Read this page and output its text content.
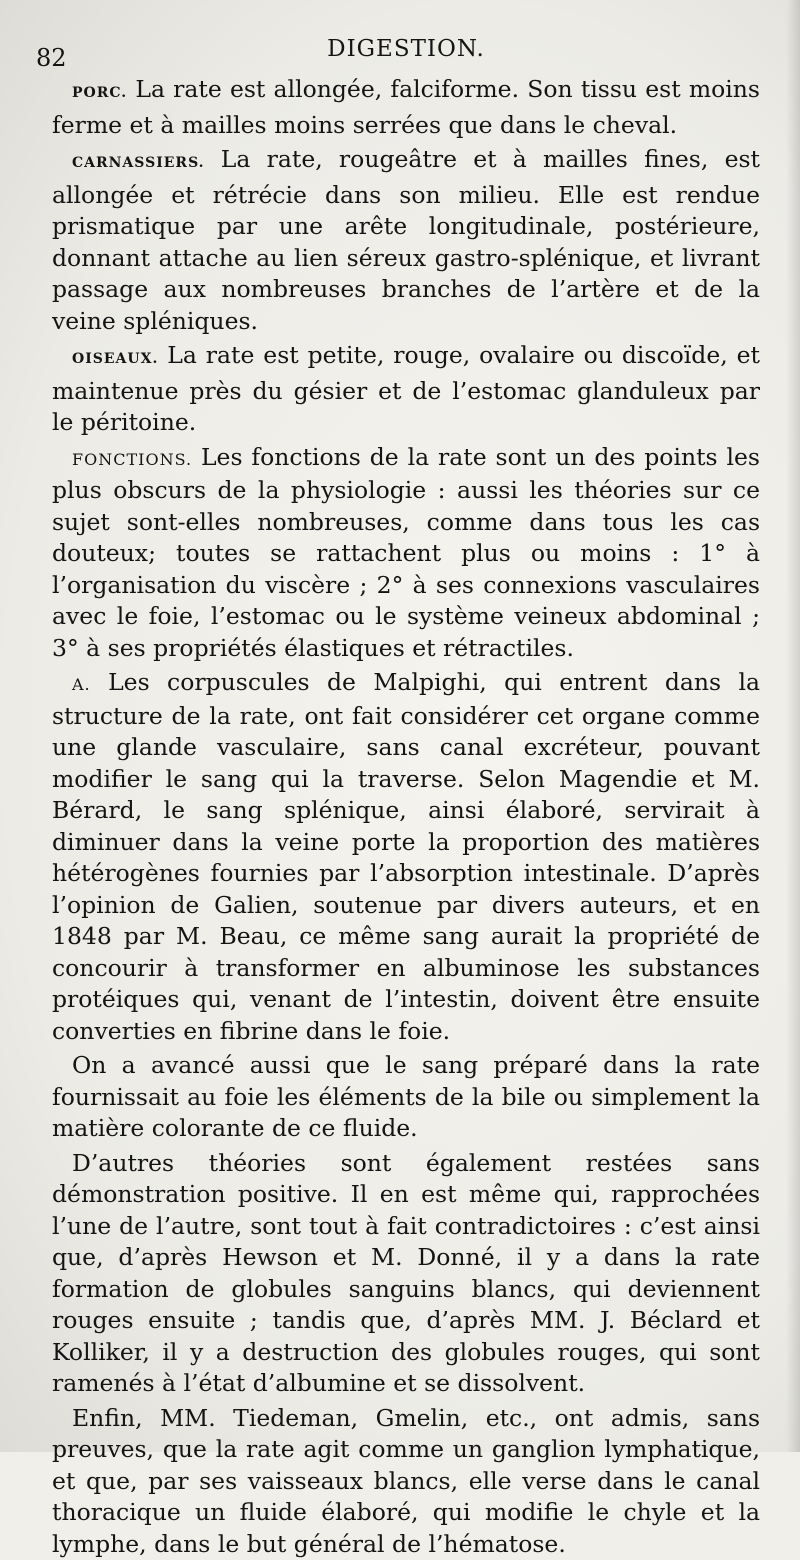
82	DIGESTION.

PORC. La rate est allongée, falciforme. Son tissu est moins ferme et à mailles moins serrées que dans le cheval.

CARNASSIERS. La rate, rougeâtre et à mailles fines, est allongée et rétrécie dans son milieu. Elle est rendue prismatique par une arête longitudinale, postérieure, donnant attache au lien séreux gastro-splénique, et livrant passage aux nombreuses branches de l’artère et de la veine spléniques.

OISEAUX. La rate est petite, rouge, ovalaire ou discoïde, et maintenue près du gésier et de l’estomac glanduleux par le péritoine.

FONCTIONS. Les fonctions de la rate sont un des points les plus obscurs de la physiologie : aussi les théories sur ce sujet sont-elles nombreuses, comme dans tous les cas douteux; toutes se rattachent plus ou moins : 1° à l’organisation du viscère ; 2° à ses connexions vasculaires avec le foie, l’estomac ou le système veineux abdominal ; 3° à ses propriétés élastiques et rétractiles.

A. Les corpuscules de Malpighi, qui entrent dans la structure de la rate, ont fait considérer cet organe comme une glande vasculaire, sans canal excréteur, pouvant modifier le sang qui la traverse. Selon Magendie et M. Bérard, le sang splénique, ainsi élaboré, servirait à diminuer dans la veine porte la proportion des matières hétérogènes fournies par l’absorption intestinale. D’après l’opinion de Galien, soutenue par divers auteurs, et en 1848 par M. Beau, ce même sang aurait la propriété de concourir à transformer en albuminose les substances protéiques qui, venant de l’intestin, doivent être ensuite converties en fibrine dans le foie.

On a avancé aussi que le sang préparé dans la rate fournissait au foie les éléments de la bile ou simplement la matière colorante de ce fluide.

D’autres théories sont également restées sans démonstration positive. Il en est même qui, rapprochées l’une de l’autre, sont tout à fait contradictoires : c’est ainsi que, d’après Hewson et M. Donné, il y a dans la rate formation de globules sanguins blancs, qui deviennent rouges ensuite ; tandis que, d’après MM. J. Béclard et Kolliker, il y a destruction des globules rouges, qui sont ramenés à l’état d’albumine et se dissolvent.

Enfin, MM. Tiedeman, Gmelin, etc., ont admis, sans preuves, que la rate agit comme un ganglion lymphatique, et que, par ses vaisseaux blancs, elle verse dans le canal thoracique un fluide élaboré, qui modifie le chyle et la lymphe, dans le but général de l’hématose.
